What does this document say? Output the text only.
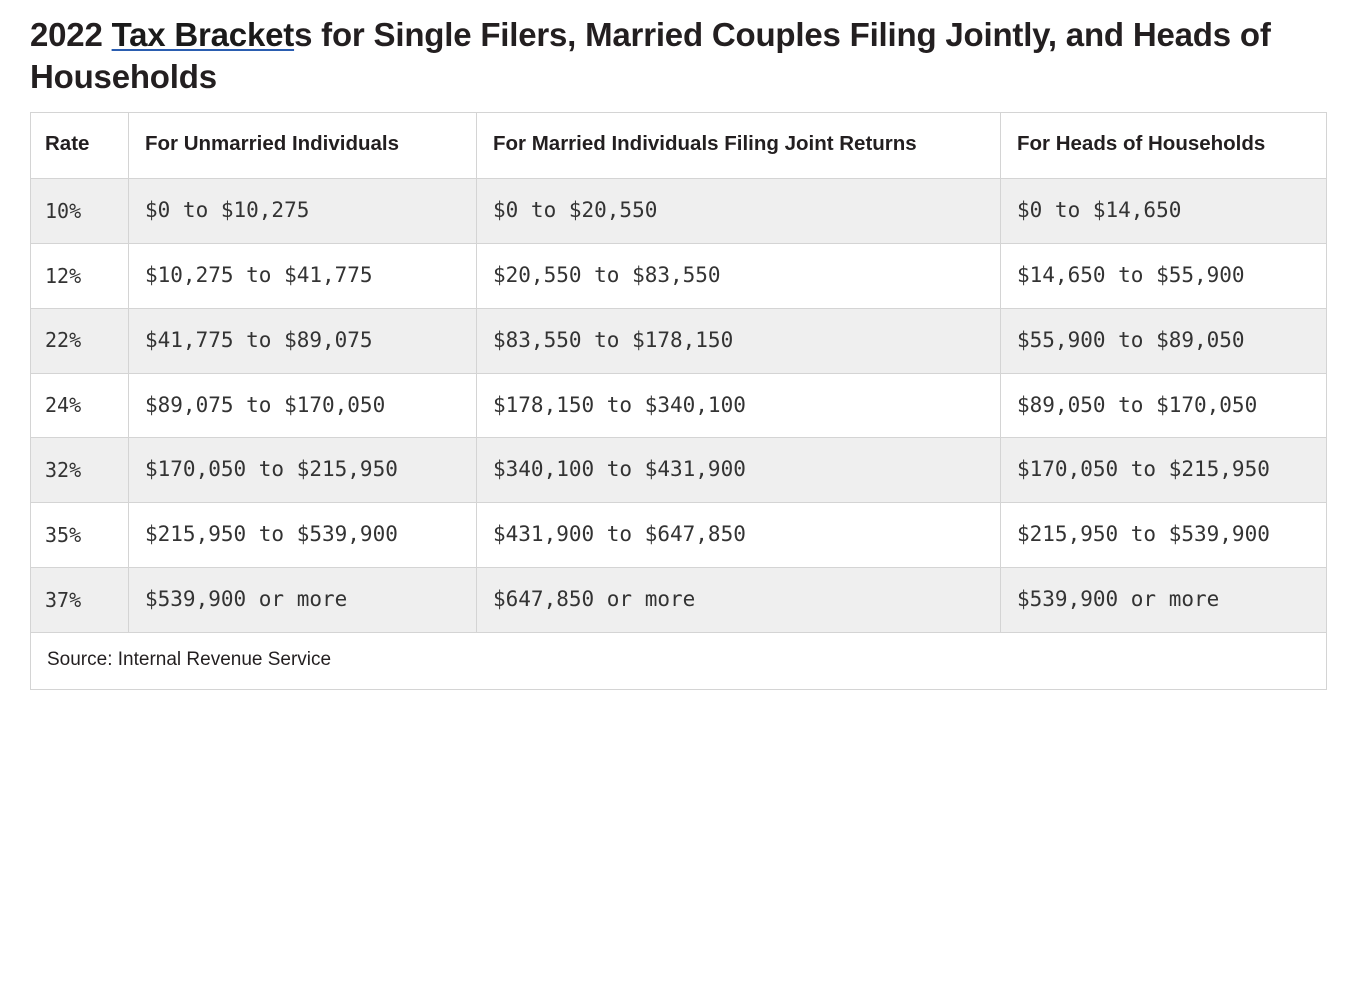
2022 Tax Brackets for Single Filers, Married Couples Filing Jointly, and Heads of Households
Rate	For Unmarried Individuals	For Married Individuals Filing Joint Returns	For Heads of Households
10%	$0 to $10,275	$0 to $20,550	$0 to $14,650
12%	$10,275 to $41,775	$20,550 to $83,550	$14,650 to $55,900
22%	$41,775 to $89,075	$83,550 to $178,150	$55,900 to $89,050
24%	$89,075 to $170,050	$178,150 to $340,100	$89,050 to $170,050
32%	$170,050 to $215,950	$340,100 to $431,900	$170,050 to $215,950
35%	$215,950 to $539,900	$431,900 to $647,850	$215,950 to $539,900
37%	$539,900 or more	$647,850 or more	$539,900 or more
Source: Internal Revenue Service			
